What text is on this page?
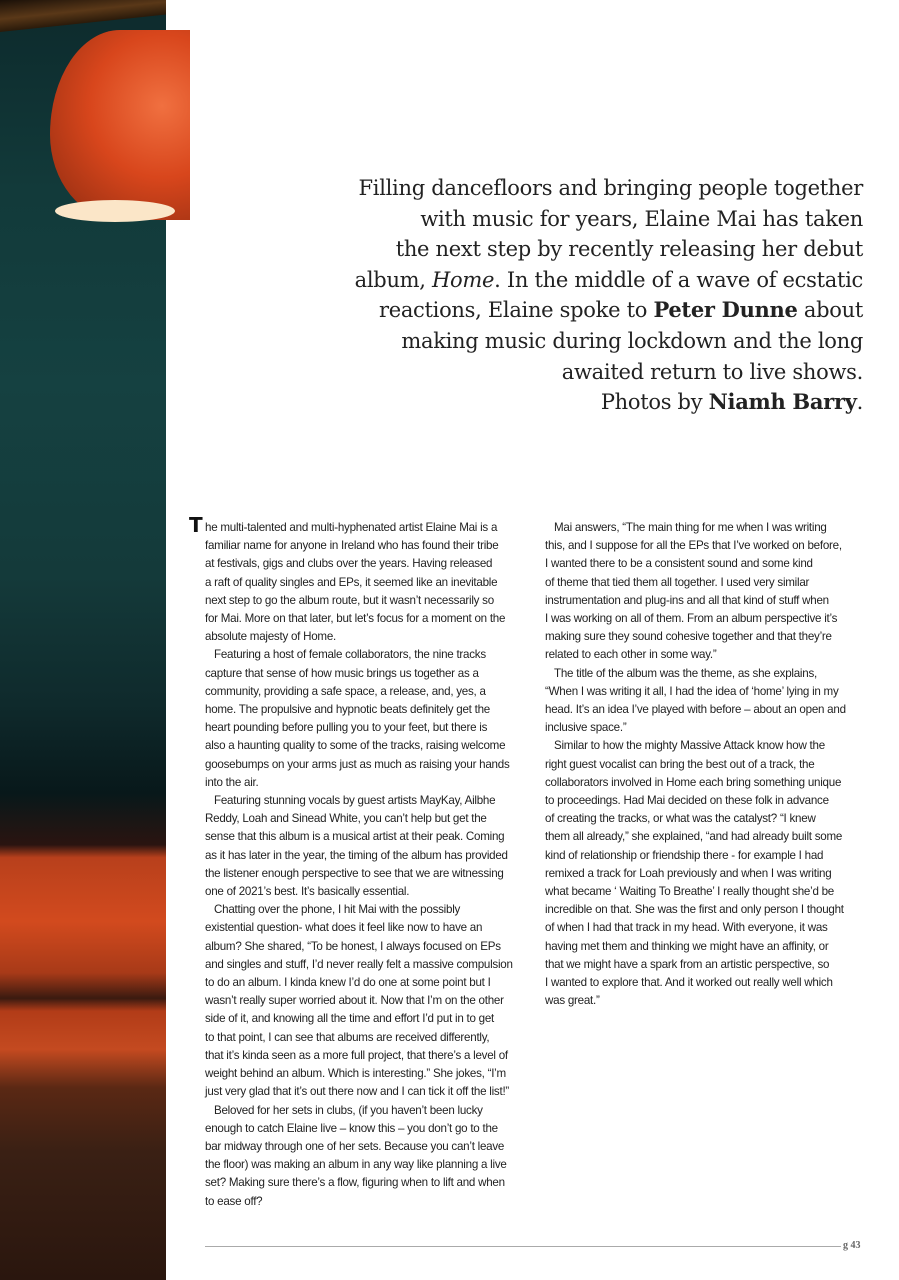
Filling dancefloors and bringing people together
with music for years, Elaine Mai has taken
the next step by recently releasing her debut
album, Home. In the middle of a wave of ecstatic
reactions, Elaine spoke to Peter Dunne about
making music during lockdown and the long
awaited return to live shows.
Photos by Niamh Barry.
T he multi-talented and multi-hyphenated artist Elaine Mai is a
familiar name for anyone in Ireland who has found their tribe
at festivals, gigs and clubs over the years. Having released
a raft of quality singles and EPs, it seemed like an inevitable
next step to go the album route, but it wasn’t necessarily so
for Mai. More on that later, but let’s focus for a moment on the
absolute majesty of Home.
Featuring a host of female collaborators, the nine tracks
capture that sense of how music brings us together as a
community, providing a safe space, a release, and, yes, a
home. The propulsive and hypnotic beats definitely get the
heart pounding before pulling you to your feet, but there is
also a haunting quality to some of the tracks, raising welcome
goosebumps on your arms just as much as raising your hands
into the air.
Featuring stunning vocals by guest artists MayKay, Ailbhe
Reddy, Loah and Sinead White, you can’t help but get the
sense that this album is a musical artist at their peak. Coming
as it has later in the year, the timing of the album has provided
the listener enough perspective to see that we are witnessing
one of 2021’s best. It’s basically essential.
Chatting over the phone, I hit Mai with the possibly
existential question- what does it feel like now to have an
album? She shared, “To be honest, I always focused on EPs
and singles and stuff, I’d never really felt a massive compulsion
to do an album. I kinda knew I’d do one at some point but I
wasn’t really super worried about it. Now that I’m on the other
side of it, and knowing all the time and effort I’d put in to get
to that point, I can see that albums are received differently,
that it’s kinda seen as a more full project, that there’s a level of
weight behind an album. Which is interesting.” She jokes, “I’m
just very glad that it’s out there now and I can tick it off the list!”
Beloved for her sets in clubs, (if you haven’t been lucky
enough to catch Elaine live – know this – you don’t go to the
bar midway through one of her sets. Because you can’t leave
the floor) was making an album in any way like planning a live
set? Making sure there’s a flow, figuring when to lift and when
to ease off?
Mai answers, “The main thing for me when I was writing
this, and I suppose for all the EPs that I’ve worked on before,
I wanted there to be a consistent sound and some kind
of theme that tied them all together. I used very similar
instrumentation and plug-ins and all that kind of stuff when
I was working on all of them. From an album perspective it’s
making sure they sound cohesive together and that they’re
related to each other in some way.”
The title of the album was the theme, as she explains,
“When I was writing it all, I had the idea of ‘home’ lying in my
head. It’s an idea I’ve played with before – about an open and
inclusive space.”
Similar to how the mighty Massive Attack know how the
right guest vocalist can bring the best out of a track, the
collaborators involved in Home each bring something unique
to proceedings. Had Mai decided on these folk in advance
of creating the tracks, or what was the catalyst? “I knew
them all already,” she explained, “and had already built some
kind of relationship or friendship there - for example I had
remixed a track for Loah previously and when I was writing
what became ‘ Waiting To Breathe’ I really thought she’d be
incredible on that. She was the first and only person I thought
of when I had that track in my head. With everyone, it was
having met them and thinking we might have an affinity, or
that we might have a spark from an artistic perspective, so
I wanted to explore that. And it worked out really well which
was great.”
g 43
